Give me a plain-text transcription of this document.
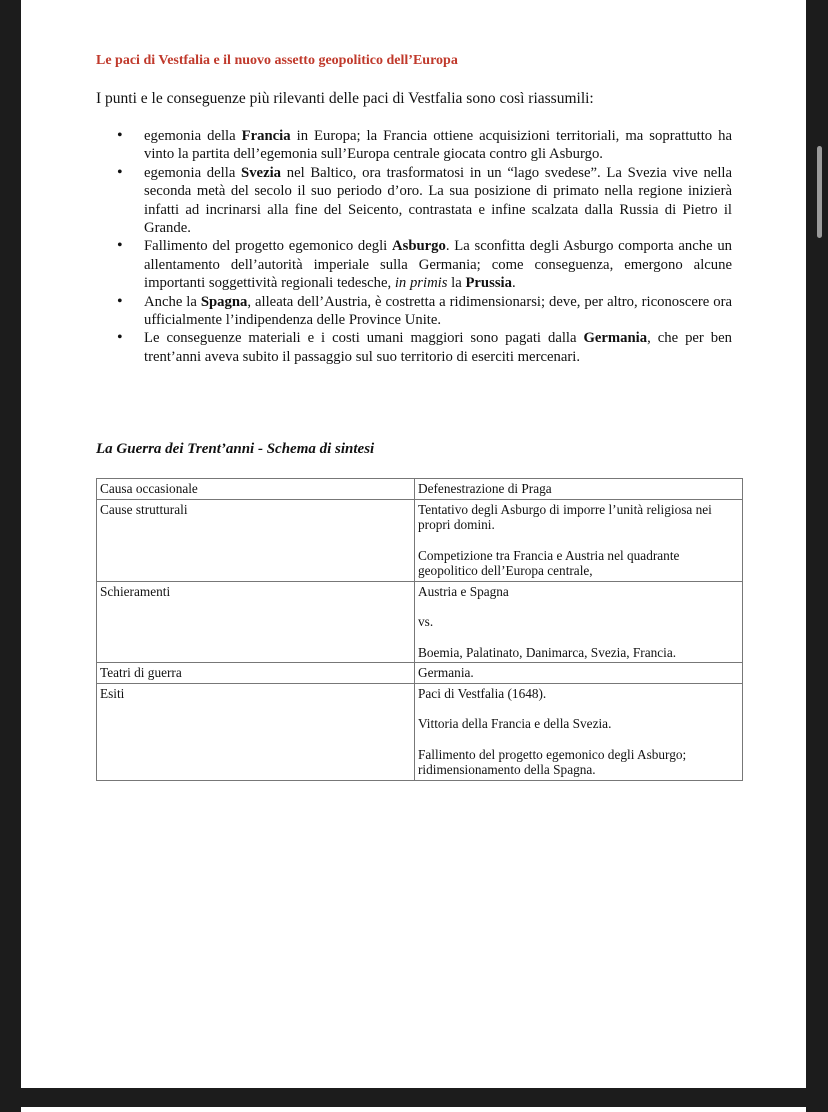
Le paci di Vestfalia e il nuovo assetto geopolitico dell’Europa
I punti e le conseguenze più rilevanti delle paci di Vestfalia sono così riassumili:
• egemonia della Francia in Europa; la Francia ottiene acquisizioni territoriali, ma soprattutto ha vinto la partita dell’egemonia sull’Europa centrale giocata contro gli Asburgo.
• egemonia della Svezia nel Baltico, ora trasformatosi in un “lago svedese”. La Svezia vive nella seconda metà del secolo il suo periodo d’oro. La sua posizione di primato nella regione inizierà infatti ad incrinarsi alla fine del Seicento, contrastata e infine scalzata dalla Russia di Pietro il Grande.
• Fallimento del progetto egemonico degli Asburgo. La sconfitta degli Asburgo comporta anche un allentamento dell’autorità imperiale sulla Germania; come conseguenza, emergono alcune importanti soggettività regionali tedesche, in primis la Prussia.
• Anche la Spagna, alleata dell’Austria, è costretta a ridimensionarsi; deve, per altro, riconoscere ora ufficialmente l’indipendenza delle Province Unite.
• Le conseguenze materiali e i costi umani maggiori sono pagati dalla Germania, che per ben trent’anni aveva subito il passaggio sul suo territorio di eserciti mercenari.
La Guerra dei Trent’anni - Schema di sintesi
Causa occasionale	Defenestrazione di Praga

Cause strutturali	Tentativo degli Asburgo di imporre l’unità religiosa nei propri domini.

Competizione tra Francia e Austria nel quadrante geopolitico dell’Europa centrale,

Schieramenti	Austria e Spagna

vs.

Boemia, Palatinato, Danimarca, Svezia, Francia.

Teatri di guerra	Germania.

Esiti	Paci di Vestfalia (1648).

Vittoria della Francia e della Svezia.

Fallimento del progetto egemonico degli Asburgo; ridimensionamento della Spagna.
